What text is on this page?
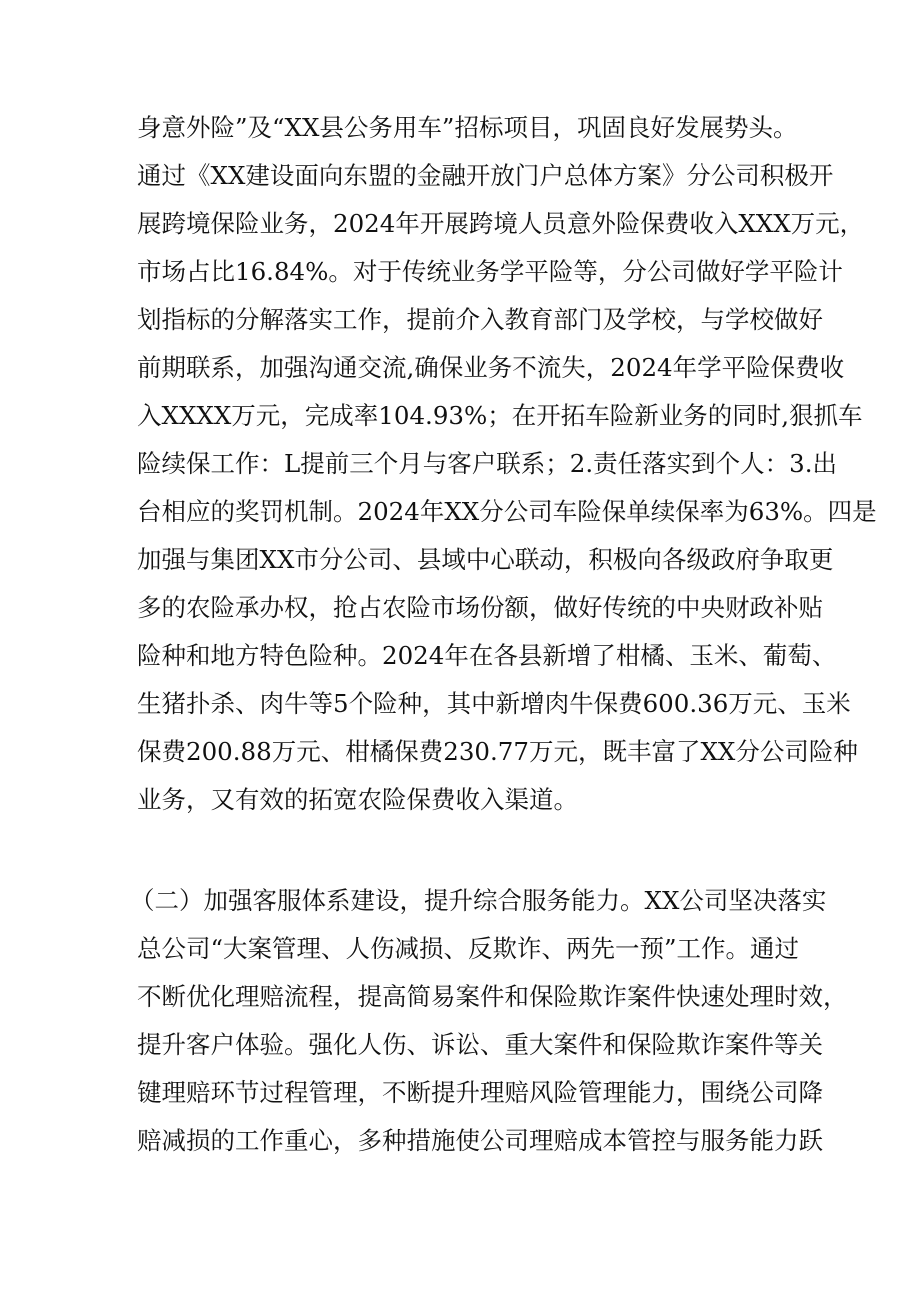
身意外险”及“XX县公务用车”招标项目，巩固良好发展势头。
通过《XX建设面向东盟的金融开放门户总体方案》分公司积极开
展跨境保险业务，2024年开展跨境人员意外险保费收入XXX万元，
市场占比16.84%。对于传统业务学平险等，分公司做好学平险计
划指标的分解落实工作，提前介入教育部门及学校，与学校做好
前期联系，加强沟通交流,确保业务不流失，2024年学平险保费收
入XXXX万元，完成率104.93%；在开拓车险新业务的同时,狠抓车
险续保工作：L提前三个月与客户联系；2.责任落实到个人：3.出
台相应的奖罚机制。2024年XX分公司车险保单续保率为63%。四是
加强与集团XX市分公司、县域中心联动，积极向各级政府争取更
多的农险承办权，抢占农险市场份额，做好传统的中央财政补贴
险种和地方特色险种。2024年在各县新增了柑橘、玉米、葡萄、
生猪扑杀、肉牛等5个险种，其中新增肉牛保费600.36万元、玉米
保费200.88万元、柑橘保费230.77万元，既丰富了XX分公司险种
业务，又有效的拓宽农险保费收入渠道。
（二）加强客服体系建设，提升综合服务能力。XX公司坚决落实
总公司“大案管理、人伤减损、反欺诈、两先一预”工作。通过
不断优化理赔流程，提高简易案件和保险欺诈案件快速处理时效，
提升客户体验。强化人伤、诉讼、重大案件和保险欺诈案件等关
键理赔环节过程管理，不断提升理赔风险管理能力，围绕公司降
赔减损的工作重心，多种措施使公司理赔成本管控与服务能力跃
